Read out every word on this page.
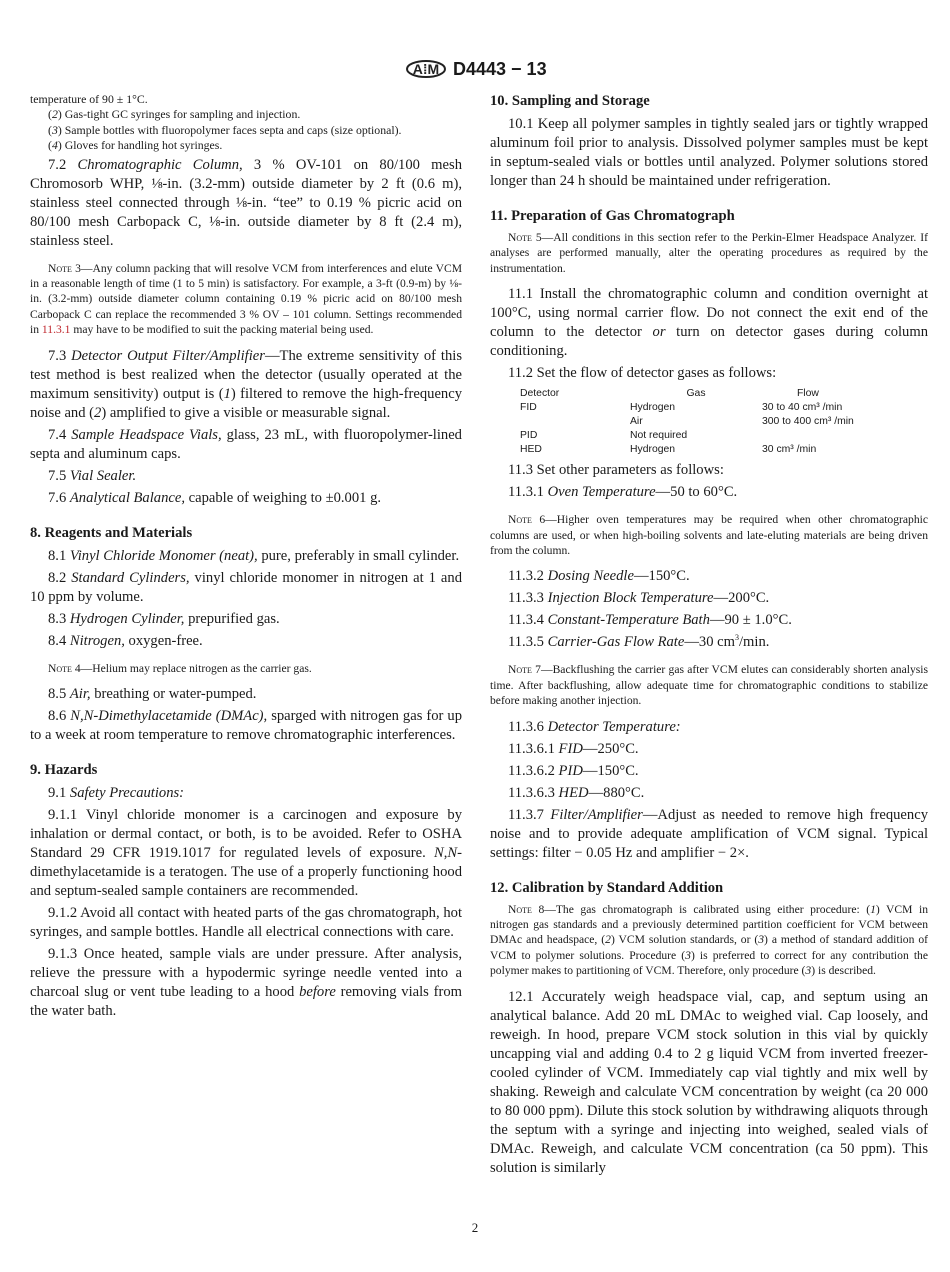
A⁞M D4443 − 13
temperature of 90 ± 1°C.
(2) Gas-tight GC syringes for sampling and injection.
(3) Sample bottles with fluoropolymer faces septa and caps (size optional).
(4) Gloves for handling hot syringes.
7.2 Chromatographic Column, 3 % OV-101 on 80/100 mesh Chromosorb WHP, ⅛-in. (3.2-mm) outside diameter by 2 ft (0.6 m), stainless steel connected through ⅛-in. “tee” to 0.19 % picric acid on 80/100 mesh Carbopack C, ⅛-in. outside diameter by 8 ft (2.4 m), stainless steel.
Note 3—Any column packing that will resolve VCM from interferences and elute VCM in a reasonable length of time (1 to 5 min) is satisfactory. For example, a 3-ft (0.9-m) by ⅛-in. (3.2-mm) outside diameter column containing 0.19 % picric acid on 80/100 mesh Carbopack C can replace the recommended 3 % OV – 101 column. Settings recommended in 11.3.1 may have to be modified to suit the packing material being used.
7.3 Detector Output Filter/Amplifier—The extreme sensitivity of this test method is best realized when the detector (usually operated at the maximum sensitivity) output is (1) filtered to remove the high-frequency noise and (2) amplified to give a visible or measurable signal.
7.4 Sample Headspace Vials, glass, 23 mL, with fluoropolymer-lined septa and aluminum caps.
7.5 Vial Sealer.
7.6 Analytical Balance, capable of weighing to ±0.001 g.
8. Reagents and Materials
8.1 Vinyl Chloride Monomer (neat), pure, preferably in small cylinder.
8.2 Standard Cylinders, vinyl chloride monomer in nitrogen at 1 and 10 ppm by volume.
8.3 Hydrogen Cylinder, prepurified gas.
8.4 Nitrogen, oxygen-free.
Note 4—Helium may replace nitrogen as the carrier gas.
8.5 Air, breathing or water-pumped.
8.6 N,N-Dimethylacetamide (DMAc), sparged with nitrogen gas for up to a week at room temperature to remove chromatographic interferences.
9. Hazards
9.1 Safety Precautions:
9.1.1 Vinyl chloride monomer is a carcinogen and exposure by inhalation or dermal contact, or both, is to be avoided. Refer to OSHA Standard 29 CFR 1919.1017 for regulated levels of exposure. N,N-dimethylacetamide is a teratogen. The use of a properly functioning hood and septum-sealed sample containers are recommended.
9.1.2 Avoid all contact with heated parts of the gas chromatograph, hot syringes, and sample bottles. Handle all electrical connections with care.
9.1.3 Once heated, sample vials are under pressure. After analysis, relieve the pressure with a hypodermic syringe needle vented into a charcoal slug or vent tube leading to a hood before removing vials from the water bath.
10. Sampling and Storage
10.1 Keep all polymer samples in tightly sealed jars or tightly wrapped aluminum foil prior to analysis. Dissolved polymer samples must be kept in septum-sealed vials or bottles until analyzed. Polymer solutions stored longer than 24 h should be maintained under refrigeration.
11. Preparation of Gas Chromatograph
Note 5—All conditions in this section refer to the Perkin-Elmer Headspace Analyzer. If analyses are performed manually, alter the operating procedures as required by the instrumentation.
11.1 Install the chromatographic column and condition overnight at 100°C, using normal carrier flow. Do not connect the exit end of the column to the detector or turn on detector gases during column conditioning.
11.2 Set the flow of detector gases as follows:
Detector	Gas	Flow
FID	Hydrogen	30 to 40 cm³ /min
	Air	300 to 400 cm³ /min
PID	Not required	
HED	Hydrogen	30 cm³ /min
11.3 Set other parameters as follows:
11.3.1 Oven Temperature—50 to 60°C.
Note 6—Higher oven temperatures may be required when other chromatographic columns are used, or when high-boiling solvents and late-eluting materials are being driven from the column.
11.3.2 Dosing Needle—150°C.
11.3.3 Injection Block Temperature—200°C.
11.3.4 Constant-Temperature Bath—90 ± 1.0°C.
11.3.5 Carrier-Gas Flow Rate—30 $cm^3/\min$.
Note 7—Backflushing the carrier gas after VCM elutes can considerably shorten analysis time. After backflushing, allow adequate time for chromatographic conditions to stabilize before making another injection.
11.3.6 Detector Temperature:
11.3.6.1 FID—250°C.
11.3.6.2 PID—150°C.
11.3.6.3 HED—880°C.
11.3.7 Filter/Amplifier—Adjust as needed to remove high frequency noise and to provide adequate amplification of VCM signal. Typical settings: filter − 0.05 Hz and amplifier − 2×.
12. Calibration by Standard Addition
Note 8—The gas chromatograph is calibrated using either procedure: (1) VCM in nitrogen gas standards and a previously determined partition coefficient for VCM between DMAc and headspace, (2) VCM solution standards, or (3) a method of standard addition of VCM to polymer solutions. Procedure (3) is preferred to correct for any contribution the polymer makes to partitioning of VCM. Therefore, only procedure (3) is described.
12.1 Accurately weigh headspace vial, cap, and septum using an analytical balance. Add 20 mL DMAc to weighed vial. Cap loosely, and reweigh. In hood, prepare VCM stock solution in this vial by quickly uncapping vial and adding 0.4 to 2 g liquid VCM from inverted freezer-cooled cylinder of VCM. Immediately cap vial tightly and mix well by shaking. Reweigh and calculate VCM concentration by weight (ca 20 000 to 80 000 ppm). Dilute this stock solution by withdrawing aliquots through the septum with a syringe and injecting into weighed, sealed vials of DMAc. Reweigh, and calculate VCM concentration (ca 50 ppm). This solution is similarly
2
